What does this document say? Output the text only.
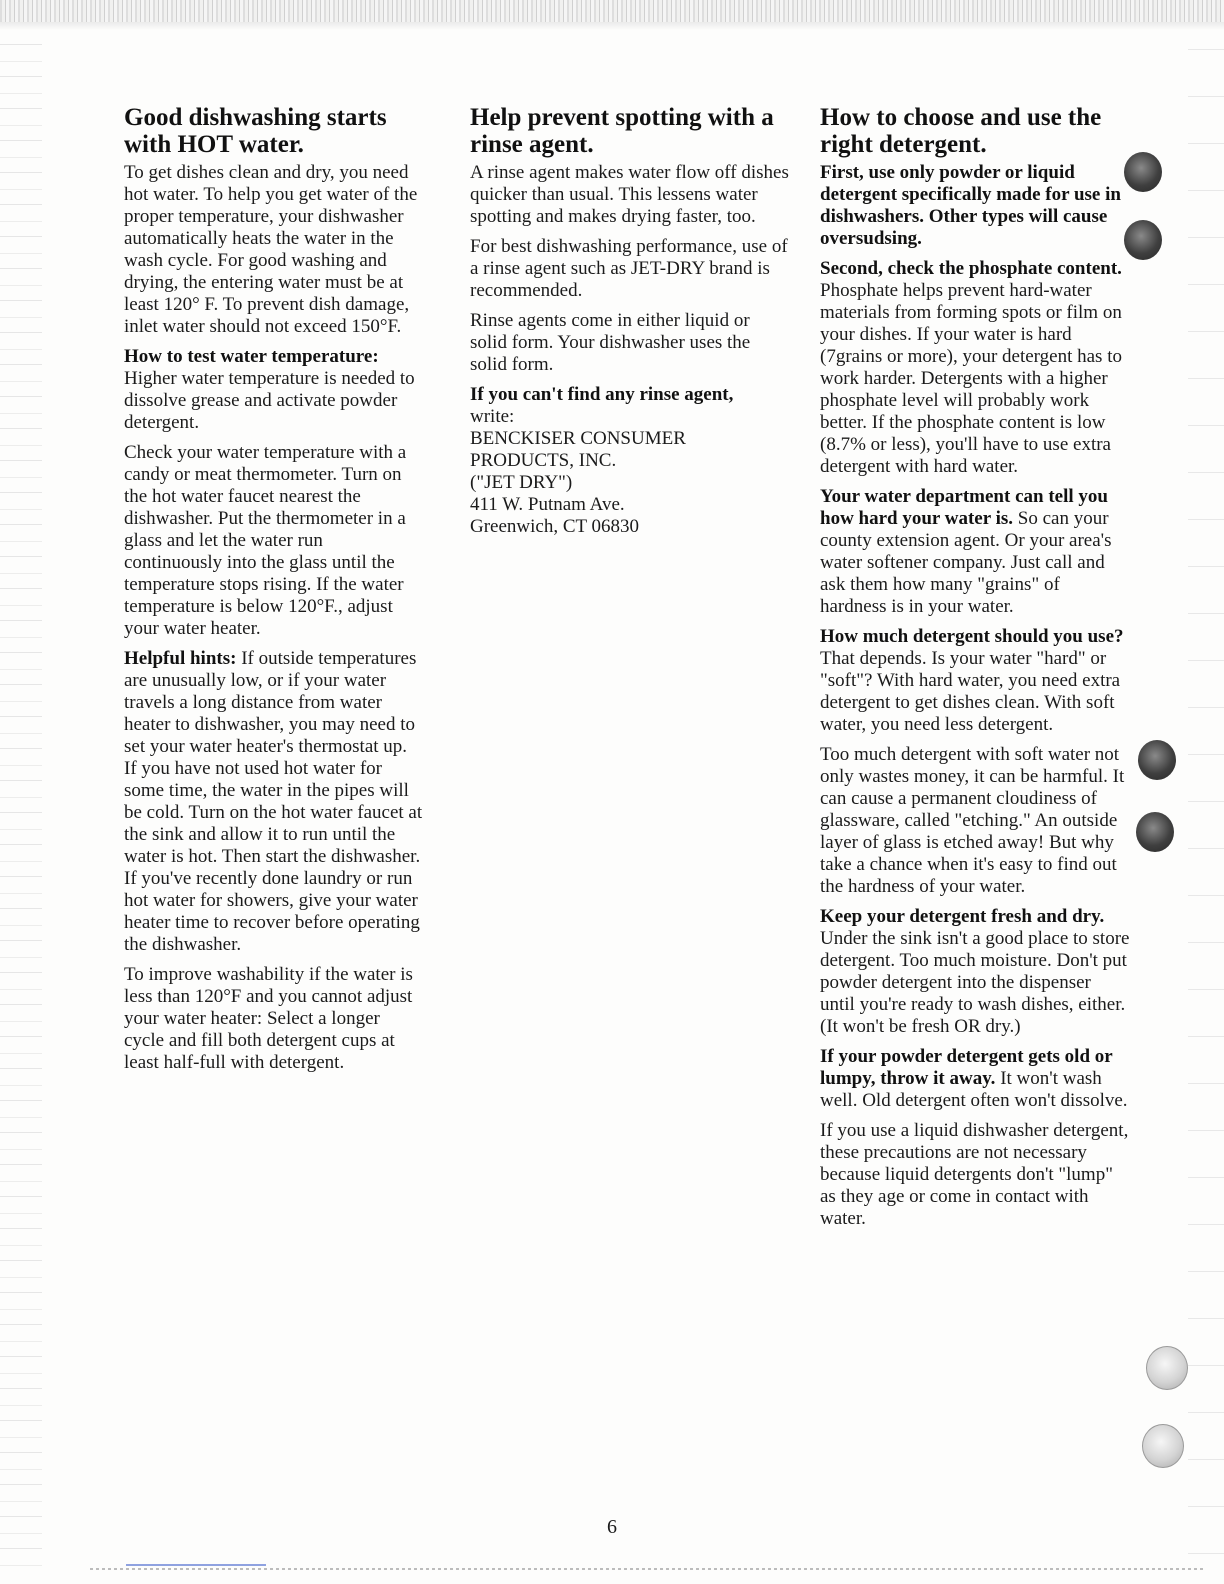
Good dishwashing starts with HOT water.

To get dishes clean and dry, you need hot water. To help you get water of the proper temperature, your dishwasher automatically heats the water in the wash cycle. For good washing and drying, the entering water must be at least 120° F. To prevent dish damage, inlet water should not exceed 150°F.

How to test water temperature: Higher water temperature is needed to dissolve grease and activate powder detergent.

Check your water temperature with a candy or meat thermometer. Turn on the hot water faucet nearest the dishwasher. Put the thermometer in a glass and let the water run continuously into the glass until the temperature stops rising. If the water temperature is below 120°F., adjust your water heater.

Helpful hints: If outside temperatures are unusually low, or if your water travels a long distance from water heater to dishwasher, you may need to set your water heater's thermostat up. If you have not used hot water for some time, the water in the pipes will be cold. Turn on the hot water faucet at the sink and allow it to run until the water is hot. Then start the dishwasher. If you've recently done laundry or run hot water for showers, give your water heater time to recover before operating the dishwasher.

To improve washability if the water is less than 120°F and you cannot adjust your water heater: Select a longer cycle and fill both detergent cups at least half-full with detergent.

Help prevent spotting with a rinse agent.

A rinse agent makes water flow off dishes quicker than usual. This lessens water spotting and makes drying faster, too.

For best dishwashing performance, use of a rinse agent such as JET-DRY brand is recommended.

Rinse agents come in either liquid or solid form. Your dishwasher uses the solid form.

If you can't find any rinse agent,
write:

BENCKISER CONSUMER

PRODUCTS, INC.

("JET DRY")

411 W. Putnam Ave.

Greenwich, CT 06830

How to choose and use the right detergent.

First, use only powder or liquid detergent specifically made for use in dishwashers. Other types will cause oversudsing.

Second, check the phosphate content. Phosphate helps prevent hard-water materials from forming spots or film on your dishes. If your water is hard (7grains or more), your detergent has to work harder. Detergents with a higher phosphate level will probably work better. If the phosphate content is low (8.7% or less), you'll have to use extra detergent with hard water.

Your water department can tell you how hard your water is. So can your county extension agent. Or your area's water softener company. Just call and ask them how many "grains" of hardness is in your water.

How much detergent should you use? That depends. Is your water "hard" or "soft"? With hard water, you need extra detergent to get dishes clean. With soft water, you need less detergent.

Too much detergent with soft water not only wastes money, it can be harmful. It can cause a permanent cloudiness of glassware, called "etching." An outside layer of glass is etched away! But why take a chance when it's easy to find out the hardness of your water.

Keep your detergent fresh and dry. Under the sink isn't a good place to store detergent. Too much moisture. Don't put powder detergent into the dispenser until you're ready to wash dishes, either. (It won't be fresh OR dry.)

If your powder detergent gets old or lumpy, throw it away. It won't wash well. Old detergent often won't dissolve.

If you use a liquid dishwasher detergent, these precautions are not necessary because liquid detergents don't "lump" as they age or come in contact with water.

6
